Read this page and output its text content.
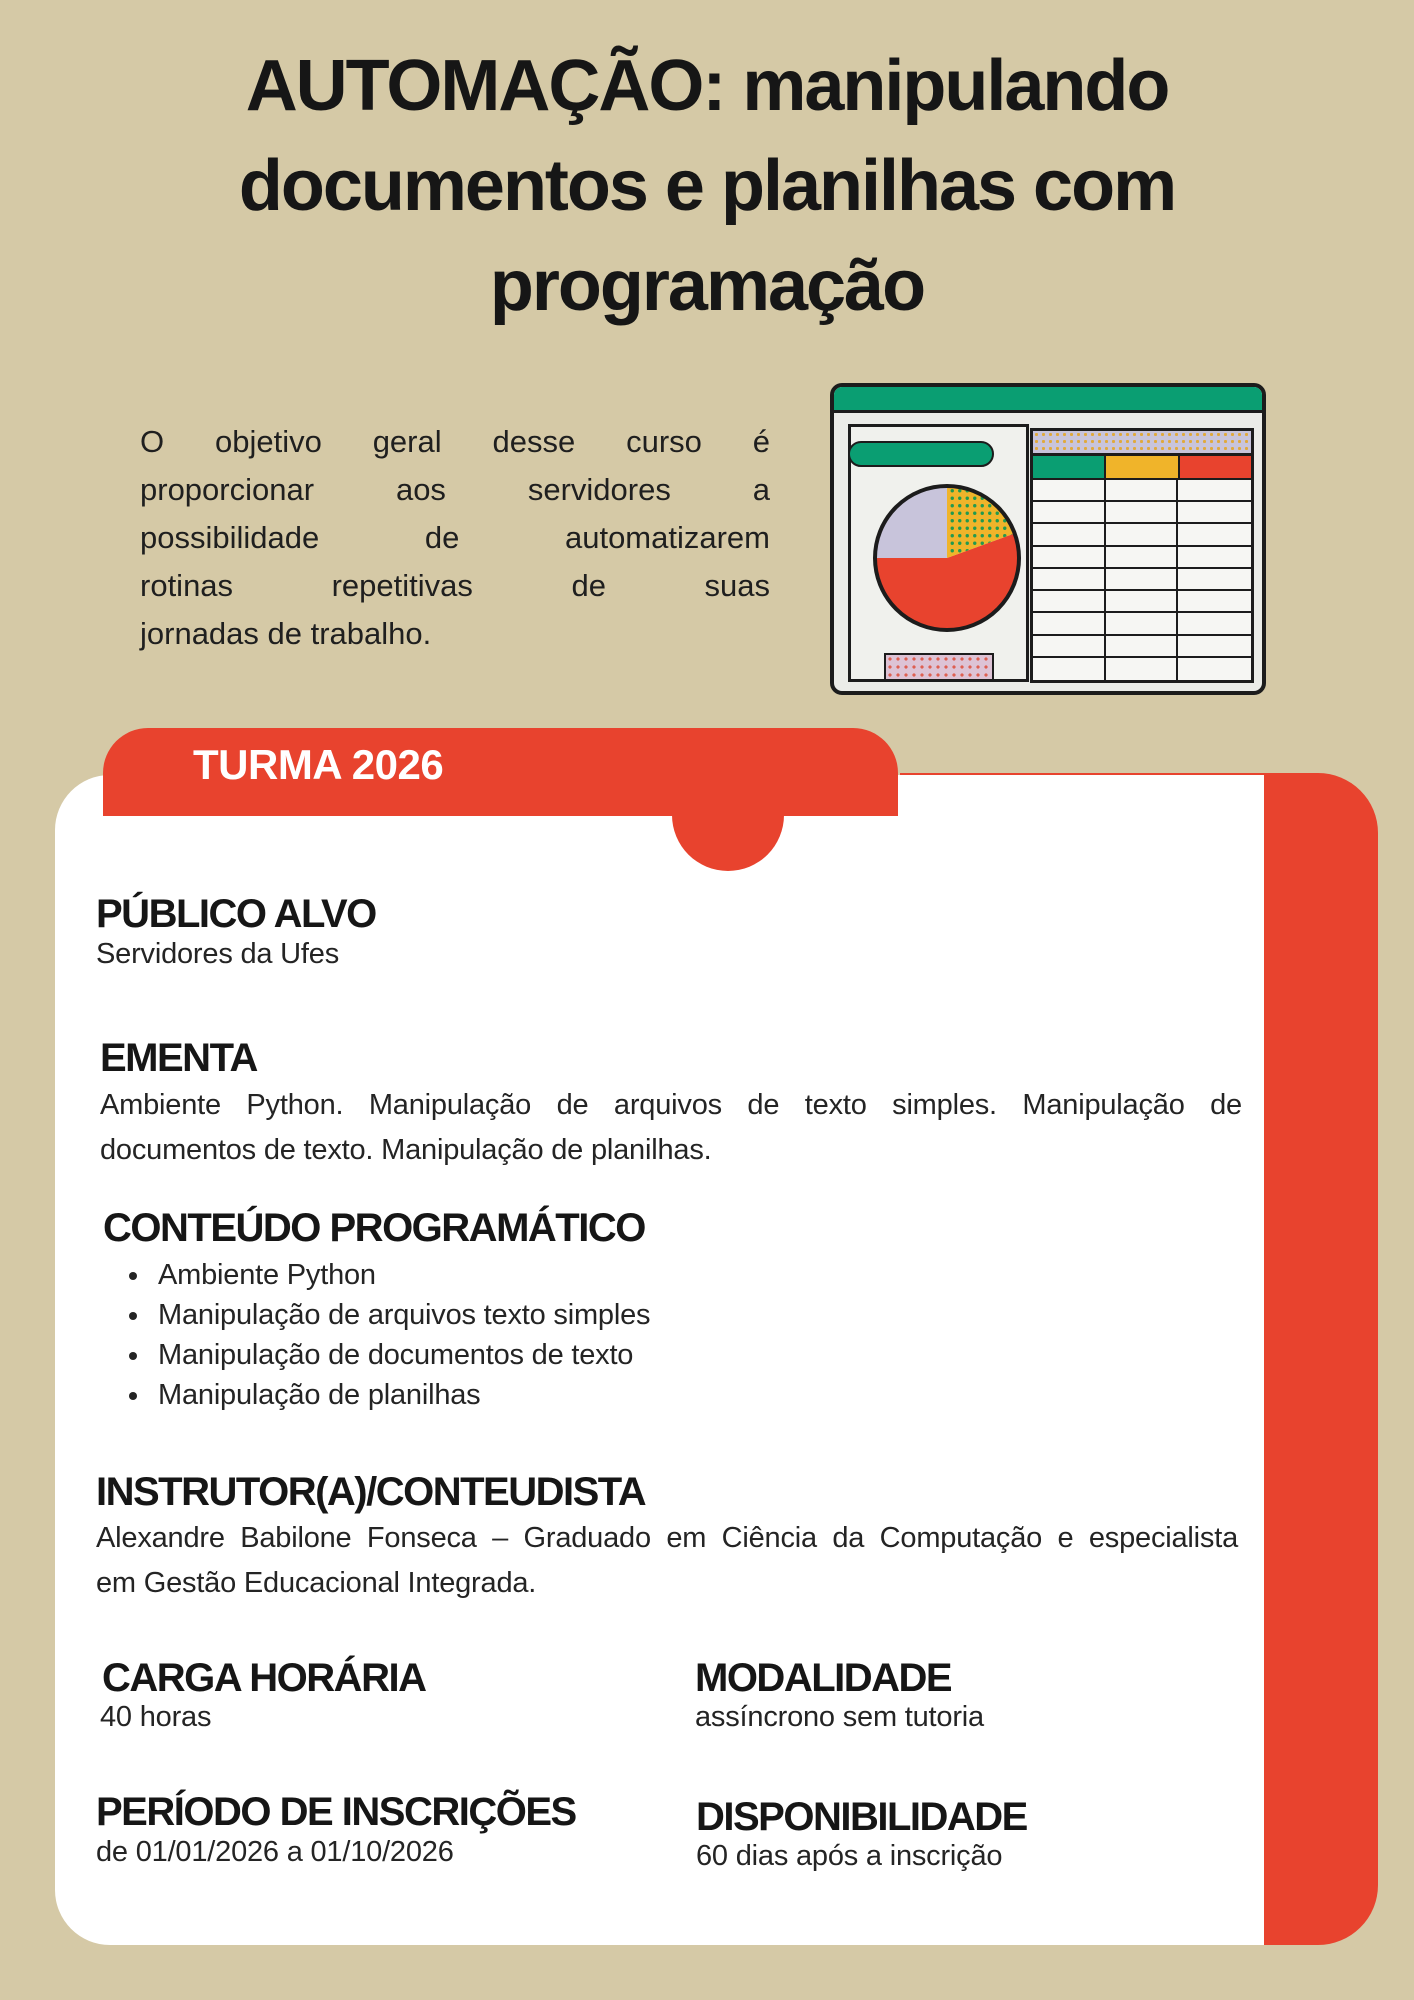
AUTOMAÇÃO: manipulando
documentos e planilhas com
programação
O objetivo geral desse curso é
proporcionar aos servidores a
possibilidade de automatizarem
rotinas repetitivas de suas
jornadas de trabalho.
TURMA 2026
PÚBLICO ALVO
Servidores da Ufes
EMENTA
Ambiente Python. Manipulação de arquivos de texto simples. Manipulação de
documentos de texto. Manipulação de planilhas.
CONTEÚDO PROGRAMÁTICO
• Ambiente Python
• Manipulação de arquivos texto simples
• Manipulação de documentos de texto
• Manipulação de planilhas
INSTRUTOR(A)/CONTEUDISTA
Alexandre Babilone Fonseca – Graduado em Ciência da Computação e especialista
em Gestão Educacional Integrada.
CARGA HORÁRIA
40 horas
MODALIDADE
assíncrono sem tutoria
PERÍODO DE INSCRIÇÕES
de 01/01/2026 a 01/10/2026
DISPONIBILIDADE
60 dias após a inscrição
